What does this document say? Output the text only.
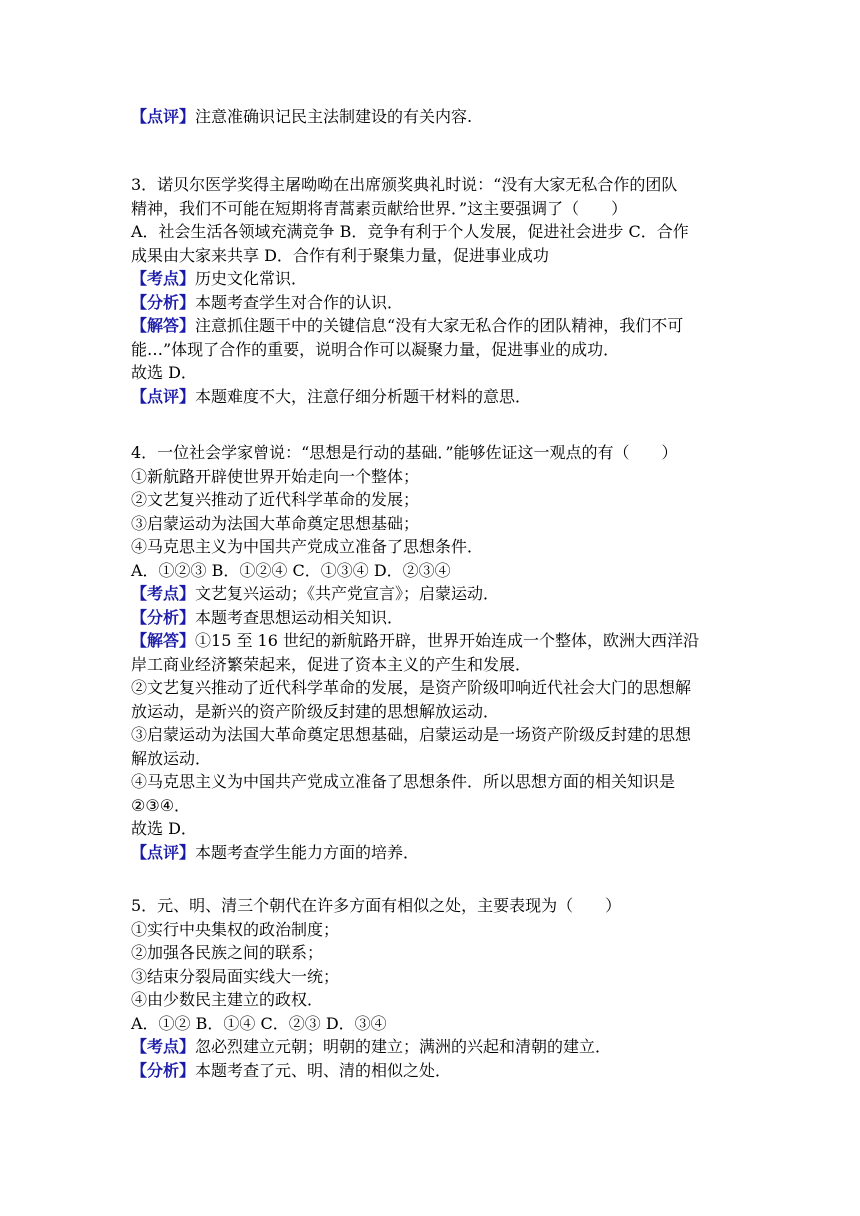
【点评】注意准确识记民主法制建设的有关内容.
3．诺贝尔医学奖得主屠呦呦在出席颁奖典礼时说：“没有大家无私合作的团队
精神，我们不可能在短期将青蒿素贡献给世界．”这主要强调了（　　）
A．社会生活各领域充满竞争 B．竞争有利于个人发展，促进社会进步 C．合作
成果由大家来共享 D．合作有利于聚集力量，促进事业成功
【考点】历史文化常识．
【分析】本题考查学生对合作的认识．
【解答】注意抓住题干中的关键信息“没有大家无私合作的团队精神，我们不可
能…”体现了合作的重要，说明合作可以凝聚力量，促进事业的成功．
故选 D．
【点评】本题难度不大，注意仔细分析题干材料的意思．
4．一位社会学家曾说：“思想是行动的基础．”能够佐证这一观点的有（　　）
①新航路开辟使世界开始走向一个整体；
②文艺复兴推动了近代科学革命的发展；
③启蒙运动为法国大革命奠定思想基础；
④马克思主义为中国共产党成立准备了思想条件．
A．①②③ B．①②④ C．①③④ D．②③④
【考点】文艺复兴运动；《共产党宣言》；启蒙运动．
【分析】本题考查思想运动相关知识．
【解答】①15 至 16 世纪的新航路开辟，世界开始连成一个整体，欧洲大西洋沿
岸工商业经济繁荣起来，促进了资本主义的产生和发展．
②文艺复兴推动了近代科学革命的发展，是资产阶级叩响近代社会大门的思想解
放运动，是新兴的资产阶级反封建的思想解放运动．
③启蒙运动为法国大革命奠定思想基础，启蒙运动是一场资产阶级反封建的思想
解放运动．
④马克思主义为中国共产党成立准备了思想条件．所以思想方面的相关知识是
②③④．
故选 D．
【点评】本题考查学生能力方面的培养．
5．元、明、清三个朝代在许多方面有相似之处，主要表现为（　　）
①实行中央集权的政治制度；
②加强各民族之间的联系；
③结束分裂局面实线大一统；
④由少数民主建立的政权．
A．①② B．①④ C．②③ D．③④
【考点】忽必烈建立元朝；明朝的建立；满洲的兴起和清朝的建立．
【分析】本题考查了元、明、清的相似之处．
